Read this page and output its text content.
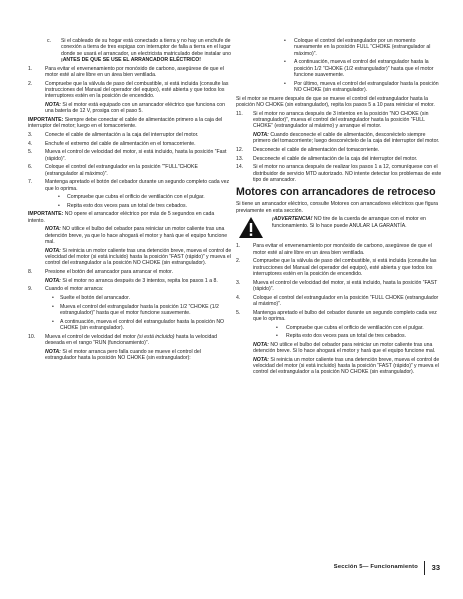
c. Si el cableado de su hogar está conectado a tierra y no hay un enchufe de conexión a tierra de tres espigas con interruptor de falla a tierra en el lugar donde se usará el arrancador, un electricista matriculado debe instalar uno ¡ANTES DE QUE SE USE EL ARRANCADOR ELÉCTRICO!
1. Para evitar el envenenamiento por monóxido de carbono, asegúrese de que el motor esté al aire libre en un área bien ventilada.
2. Compruebe que la válvula de paso del combustible, si está incluida (consulte las instrucciones del Manual del operador del equipo), esté abierta y que todos los interruptores estén en la posición de encendido.
NOTA: Si el motor está equipado con un arrancador eléctrico que funciona con una batería de 12 V, prosiga con el paso 5.
IMPORTANTE: Siempre debe conectar el cable de alimentación primero a la caja del interruptor del motor; luego en el tomacorriente.
3. Conecte el cable de alimentación a la caja del interruptor del motor.
4. Enchufe el extremo del cable de alimentación en el tomacorriente.
5. Mueva el control de velocidad del motor, si está incluido, hasta la posición “Fast (rápido)”.
6. Coloque el control del estrangulador en la posición ““FULL”CHOKE (estrangulador al máximo)”.
7. Mantenga apretado el botón del cebador durante un segundo completo cada vez que lo oprima.
• Compruebe que cubra el orificio de ventilación con el pulgar.
• Repita esto dos veces para un total de tres cebados.
IMPORTANTE: NO opere el arrancador eléctrico por más de 5 segundos en cada intento.
NOTA: NO utilice el bulbo del cebador para reiniciar un motor caliente tras una detención breve, ya que lo hace ahogará el motor y hará que el equipo funcione mal.
NOTA: Si reinicia un motor caliente tras una detención breve, mueva el control de velocidad del motor (si está incluido) hasta la posición “FAST (rápido)” y mueva el control del estrangulador a la posición NO CHOKE (sin estrangulador).
8. Presione el botón del arrancador para arrancar el motor.
NOTA: Si el motor no arranca después de 3 intentos, repita los pasos 1 a 8.
9. Cuando el motor arranca:
• Suelte el botón del arrancador.
• Mueva el control del estrangulador hasta la posición 1/2 “CHOKE (1/2 estrangulador)” hasta que el motor funcione suavemente.
• A continuación, mueva el control del estrangulador hasta la posición NO CHOKE (sin estrangulador).
10. Mueva el control de velocidad del motor (si está incluido) hasta la velocidad deseada en el rango “RUN (funcionamiento)”.
NOTA: Si el motor arranca pero falla cuando se mueve el control del estrangulador hasta la posición NO CHOKE (sin estrangulador):
• Coloque el control del estrangulador por un momento nuevamente en la posición FULL “CHOKE (estrangulador al máximo)”.
• A continuación, mueva el control del estrangulador hasta la posición 1/2 “CHOKE (1/2 estrangulador)” hasta que el motor funcione suavemente.
• Por último, mueva el control del estrangulador hasta la posición NO CHOKE (sin estrangulador).
Si el motor se muere después de que se mueve el control del estrangulador hasta la posición NO CHOKE (sin estrangulador), repita los pasos 5 a 10 para reiniciar el motor.
11. Si el motor no arranca después de 3 intentos en la posición “NO CHOKE (sin estrangulador)”, mueva el control del estrangulador hasta la posición “FULL CHOKE” (estrangulador al máximo) y arranque el motor.
NOTA: Cuando desconecte el cable de alimentación, desconéctelo siempre primero del tomacorriente; luego desconéctelo de la caja del interruptor del motor.
12. Desconecte el cable de alimentación del tomacorriente.
13. Desconecte el cable de alimentación de la caja del interruptor del motor.
14. Si el motor no arranca después de realizar los pasos 1 a 12, comuníquese con el distribuidor de servicio MTD autorizado. NO intente detectar los problemas de este tipo de arrancador.
Motores con arrancadores de retroceso
Si tiene un arrancador eléctrico, consulte Motores con arrancadores eléctricos que figura previamente en esta sección.
¡ADVERTENCIA! NO tire de la cuerda de arranque con el motor en funcionamiento. Si lo hace puede ANULAR LA GARANTÍA.
1. Para evitar el envenenamiento por monóxido de carbono, asegúrese de que el motor esté al aire libre en un área bien ventilada.
2. Compruebe que la válvula de paso del combustible, si está incluida (consulte las instrucciones del Manual del operador del equipo), esté abierta y que todos los interruptores estén en la posición de encendido.
3. Mueva el control de velocidad del motor, si está incluido, hasta la posición “FAST (rápido)”.
4. Coloque el control del estrangulador en la posición “FULL CHOKE (estrangulador al máximo)”.
5. Mantenga apretado el bulbo del cebador durante un segundo completo cada vez que lo oprima.
• Compruebe que cubra el orificio de ventilación con el pulgar.
• Repita esto dos veces para un total de tres cebados.
NOTA: NO utilice el bulbo del cebador para reiniciar un motor caliente tras una detención breve. Si lo hace ahogará el motor y hará que el equipo funcione mal.
NOTA: Si reinicia un motor caliente tras una detención breve, mueva el control de velocidad del motor (si está incluido) hasta la posición “FAST (rápido)” y mueva el control del estrangulador a la posición NO CHOKE (sin estrangulador).
Sección 5— Funcionamiento 33
